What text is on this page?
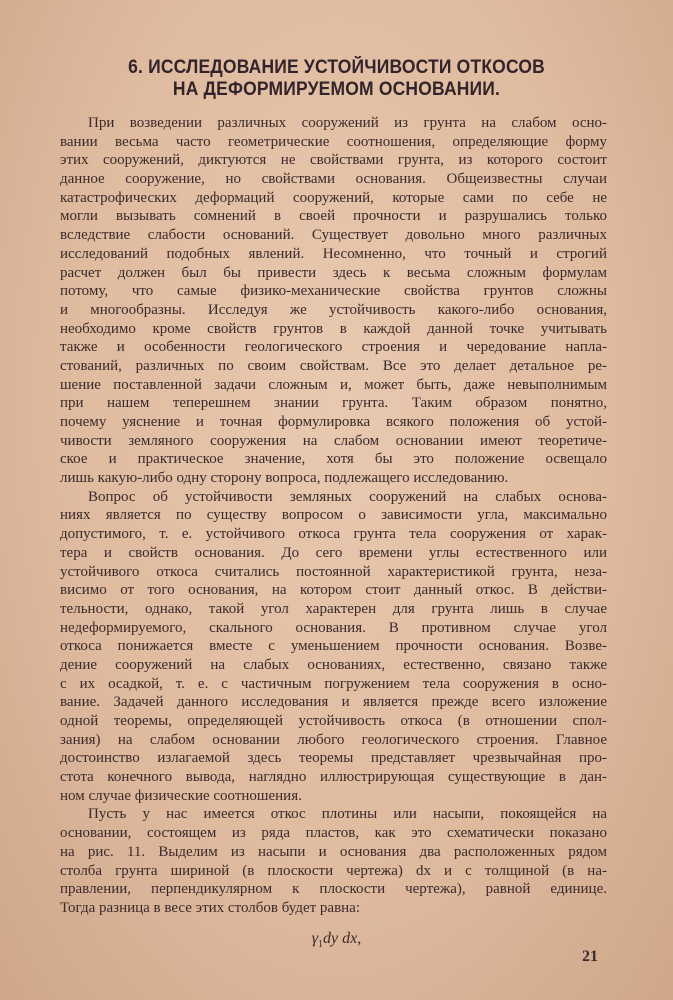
6. ИССЛЕДОВАНИЕ УСТОЙЧИВОСТИ ОТКОСОВ
НА ДЕФОРМИРУЕМОМ ОСНОВАНИИ.
При возведении различных сооружений из грунта на слабом осно-
вании весьма часто геометрические соотношения, определяющие форму
этих сооружений, диктуются не свойствами грунта, из которого состоит
данное сооружение, но свойствами основания. Общеизвестны случаи
катастрофических деформаций сооружений, которые сами по себе не
могли вызывать сомнений в своей прочности и разрушались только
вследствие слабости оснований. Существует довольно много различных
исследований подобных явлений. Несомненно, что точный и строгий
расчет должен был бы привести здесь к весьма сложным формулам
потому, что самые физико-механические свойства грунтов сложны
и многообразны. Исследуя же устойчивость какого-либо основания,
необходимо кроме свойств грунтов в каждой данной точке учитывать
также и особенности геологического строения и чередование напла-
стований, различных по своим свойствам. Все это делает детальное ре-
шение поставленной задачи сложным и, может быть, даже невыполнимым
при нашем теперешнем знании грунта. Таким образом понятно,
почему уяснение и точная формулировка всякого положения об устой-
чивости земляного сооружения на слабом основании имеют теоретиче-
ское и практическое значение, хотя бы это положение освещало
лишь какую-либо одну сторону вопроса, подлежащего исследованию.
Вопрос об устойчивости земляных сооружений на слабых основа-
ниях является по существу вопросом о зависимости угла, максимально
допустимого, т. е. устойчивого откоса грунта тела сооружения от харак-
тера и свойств основания. До сего времени углы естественного или
устойчивого откоса считались постоянной характеристикой грунта, неза-
висимо от того основания, на котором стоит данный откос. В действи-
тельности, однако, такой угол характерен для грунта лишь в случае
недеформируемого, скального основания. В противном случае угол
откоса понижается вместе с уменьшением прочности основания. Возве-
дение сооружений на слабых основаниях, естественно, связано также
с их осадкой, т. е. с частичным погружением тела сооружения в осно-
вание. Задачей данного исследования и является прежде всего изложение
одной теоремы, определяющей устойчивость откоса (в отношении спол-
зания) на слабом основании любого геологического строения. Главное
достоинство излагаемой здесь теоремы представляет чрезвычайная про-
стота конечного вывода, наглядно иллюстрирующая существующие в дан-
ном случае физические соотношения.
Пусть у нас имеется откос плотины или насыпи, покоящейся на
основании, состоящем из ряда пластов, как это схематически показано
на рис. 11. Выделим из насыпи и основания два расположенных рядом
столба грунта шириной (в плоскости чертежа) dx и с толщиной (в на-
правлении, перпендикулярном к плоскости чертежа), равной единице.
Тогда разница в весе этих столбов будет равна:
$\gamma_1dy$ dx,
21
